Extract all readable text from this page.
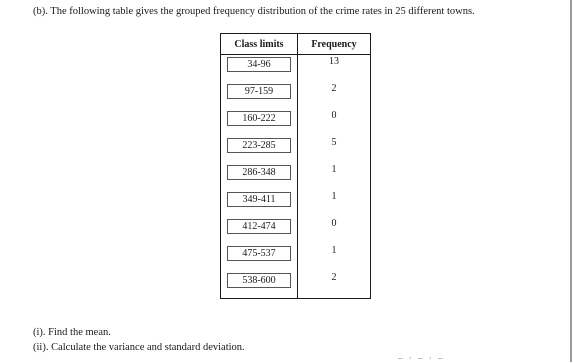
(b). The following table gives the grouped frequency distribution of the crime rates in 25 different towns.
Class limits	Frequency
34-96	13
97-159	2
160-222	0
223-285	5
286-348	1
349-411	1
412-474	0
475-537	1
538-600	2
(i). Find the mean.
(ii). Calculate the variance and standard deviation.
– · – · –
